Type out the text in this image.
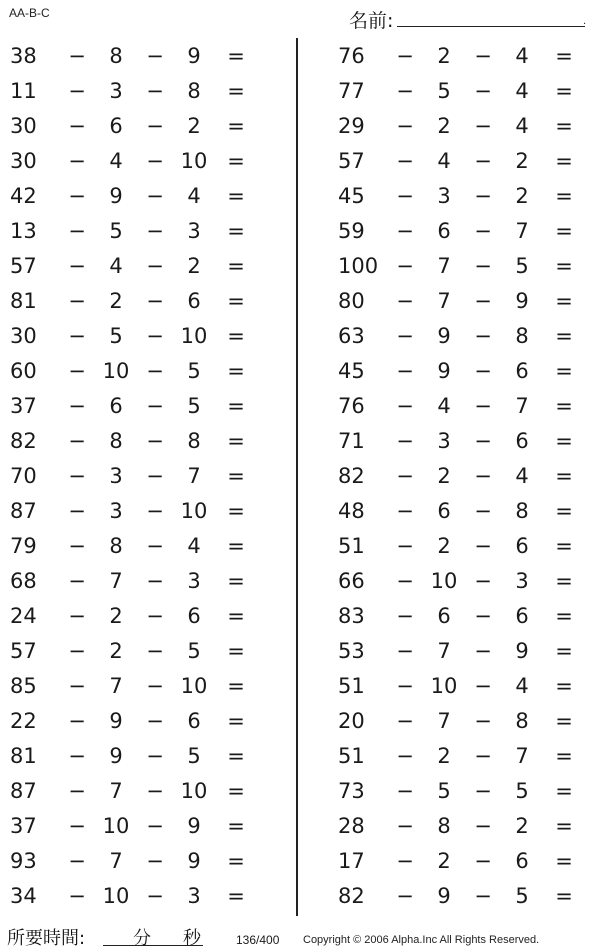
AA-B-C	名前:	.
38	−	8	−	9	=
11	−	3	−	8	=
30	−	6	−	2	=
30	−	4	− 10 =
42	−	9	−	4	=
13	−	5	−	3	=
57	−	4	−	2	=
81	−	2	−	6	=
30	−	5	− 10 =
60	− 10 −	5	=
37	−	6	−	5	=
82	−	8	−	8	=
70	−	3	−	7	=
87	−	3	− 10 =
79	−	8	−	4	=
68	−	7	−	3	=
24	−	2	−	6	=
57	−	2	−	5	=
85	−	7	− 10 =
22	−	9	−	6	=
81	−	9	−	5	=
87	−	7	− 10 =
37	− 10 −	9	=
93	−	7	−	9	=
34	− 10 −	3	=
76	−	2	−	4	=
77	−	5	−	4	=
29	−	2	−	4	=
57	−	4	−	2	=
45	−	3	−	2	=
59	−	6	−	7	=
100 −	7	−	5	=
80	−	7	−	9	=
63	−	9	−	8	=
45	−	9	−	6	=
76	−	4	−	7	=
71	−	3	−	6	=
82	−	2	−	4	=
48	−	6	−	8	=
51	−	2	−	6	=
66	− 10 −	3	=
83	−	6	−	6	=
53	−	7	−	9	=
51	− 10 −	4	=
20	−	7	−	8	=
51	−	2	−	7	=
73	−	5	−	5	=
28	−	8	−	2	=
17	−	2	−	6	=
82	−	9	−	5	=
所要時間:	分 秒	136/400 Copyright © 2006 Alpha.Inc All Rights Reserved.
